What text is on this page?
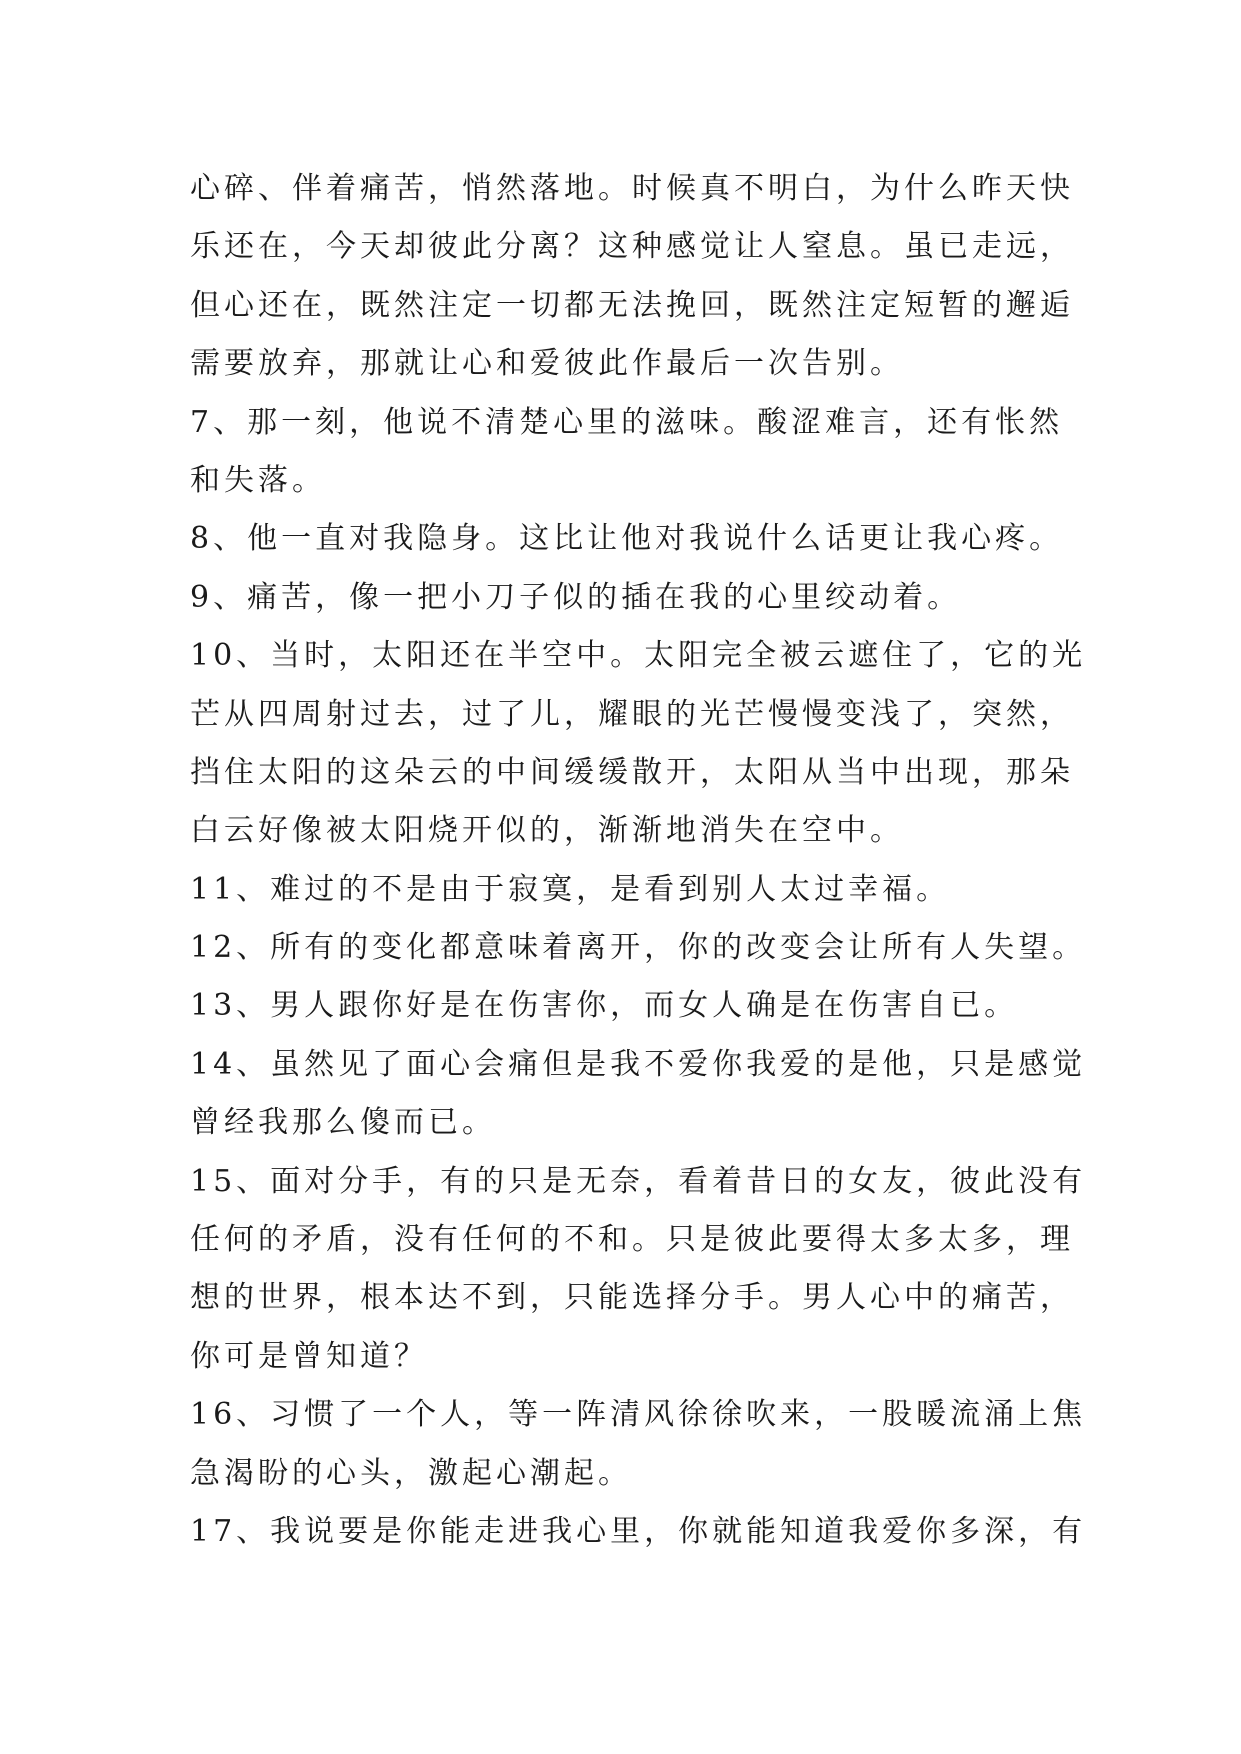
心碎、伴着痛苦，悄然落地。时候真不明白，为什么昨天快
乐还在，今天却彼此分离？这种感觉让人窒息。虽已走远，
但心还在，既然注定一切都无法挽回，既然注定短暂的邂逅
需要放弃，那就让心和爱彼此作最后一次告别。
7、那一刻，他说不清楚心里的滋味。酸涩难言，还有怅然
和失落。
8、他一直对我隐身。这比让他对我说什么话更让我心疼。
9、痛苦，像一把小刀子似的插在我的心里绞动着。
10、当时，太阳还在半空中。太阳完全被云遮住了，它的光
芒从四周射过去，过了儿，耀眼的光芒慢慢变浅了，突然，
挡住太阳的这朵云的中间缓缓散开，太阳从当中出现，那朵
白云好像被太阳烧开似的，渐渐地消失在空中。
11、难过的不是由于寂寞，是看到别人太过幸福。
12、所有的变化都意味着离开，你的改变会让所有人失望。
13、男人跟你好是在伤害你，而女人确是在伤害自已。
14、虽然见了面心会痛但是我不爱你我爱的是他，只是感觉
曾经我那么傻而已。
15、面对分手，有的只是无奈，看着昔日的女友，彼此没有
任何的矛盾，没有任何的不和。只是彼此要得太多太多，理
想的世界，根本达不到，只能选择分手。男人心中的痛苦，
你可是曾知道？
16、习惯了一个人，等一阵清风徐徐吹来，一股暖流涌上焦
急渴盼的心头，激起心潮起。
17、我说要是你能走进我心里，你就能知道我爱你多深，有
